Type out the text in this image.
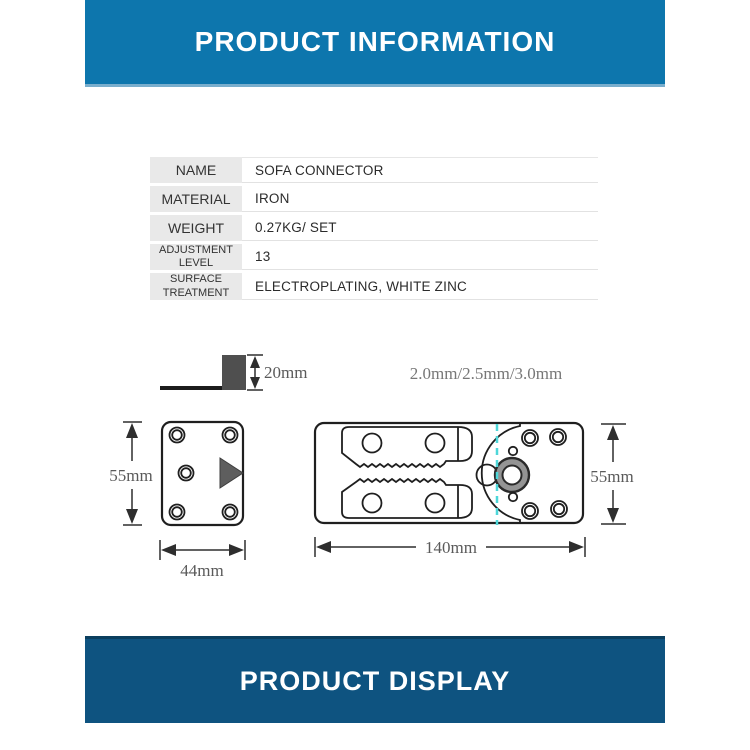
PRODUCT INFORMATION
NAME	SOFA CONNECTOR
MATERIAL	IRON
WEIGHT	0.27KG/ SET
ADJUSTMENT LEVEL	13
SURFACE TREATMENT	ELECTROPLATING, WHITE ZINC
20mm	2.0mm/2.5mm/3.0mm
55mm
44mm
140mm
55mm
PRODUCT DISPLAY
